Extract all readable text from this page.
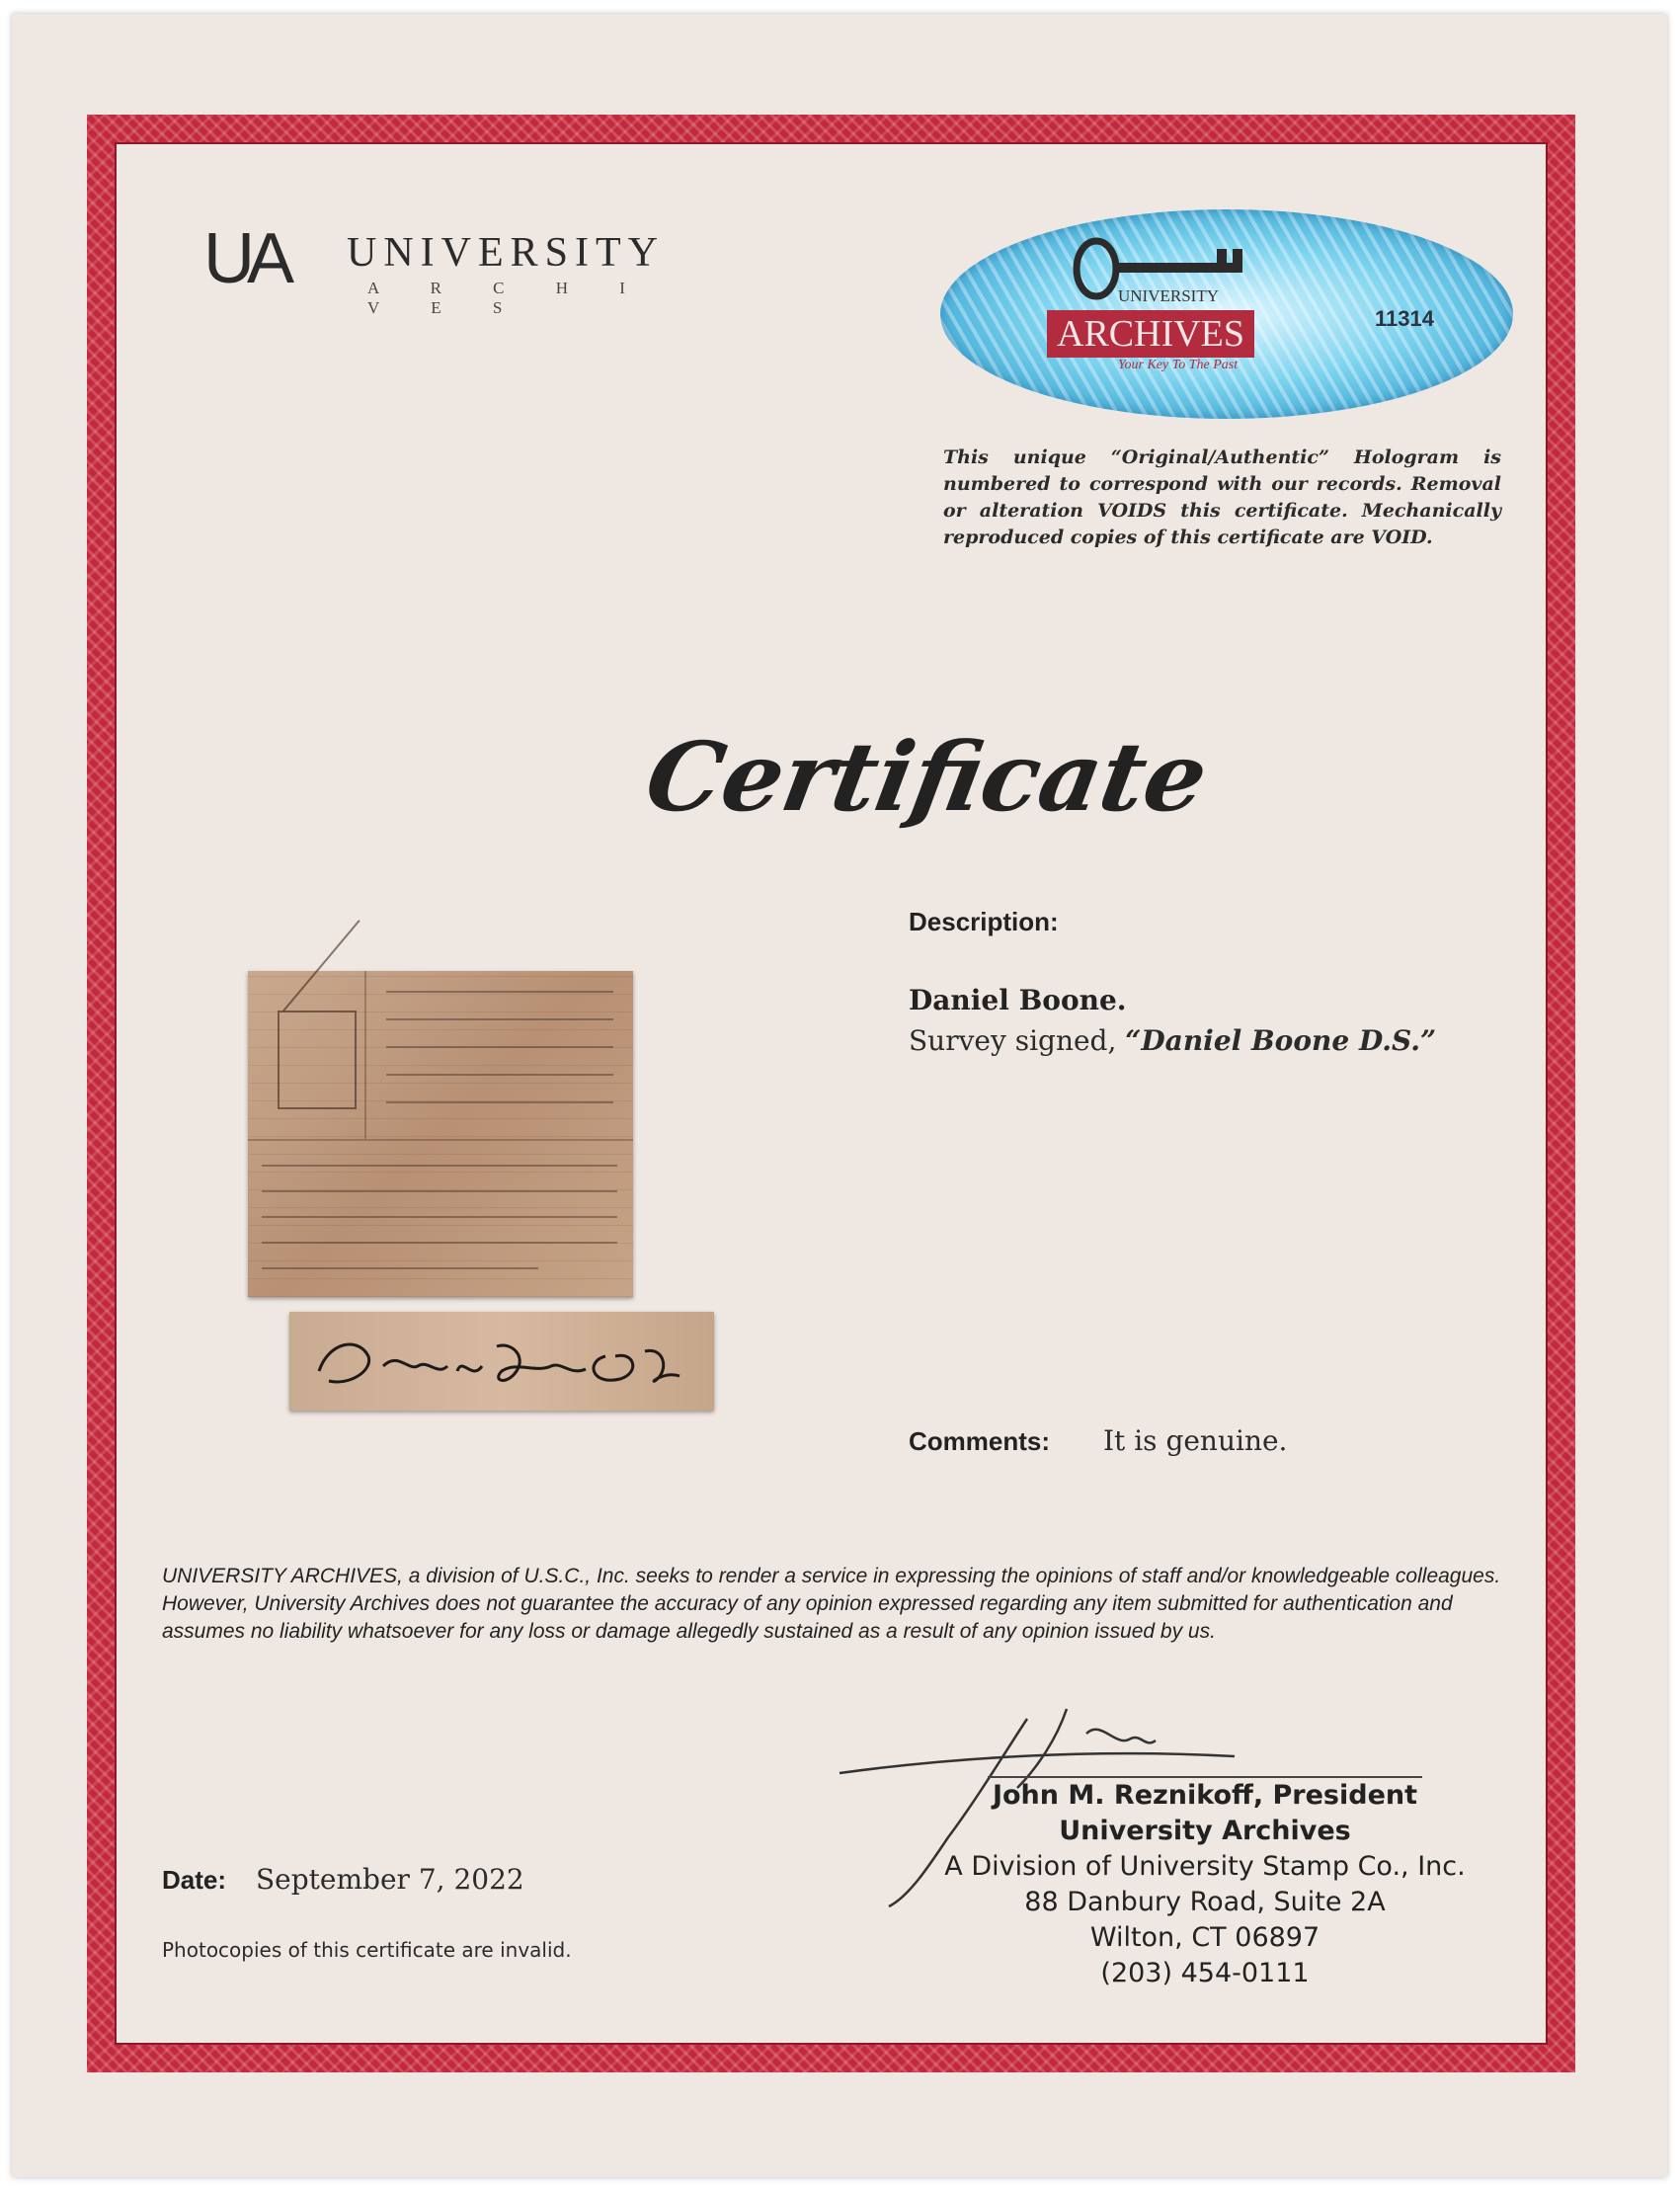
UA UNIVERSITY
A R C H I V E S
UNIVERSITY
ARCHIVES
Your Key To The Past
11314
This unique “Original/Authentic” Hologram is numbered to correspond with our records. Removal or alteration VOIDS this certificate. Mechanically reproduced copies of this certificate are VOID.
Certificate
Description:
Daniel Boone.
Survey signed, “Daniel Boone D.S.”
Comments: It is genuine.
UNIVERSITY ARCHIVES, a division of U.S.C., Inc. seeks to render a service in expressing the opinions of staff and/or knowledgeable colleagues. However, University Archives does not guarantee the accuracy of any opinion expressed regarding any item submitted for authentication and assumes no liability whatsoever for any loss or damage allegedly sustained as a result of any opinion issued by us.
John M. Reznikoff, President
University Archives
A Division of University Stamp Co., Inc.
88 Danbury Road, Suite 2A
Wilton, CT 06897
(203) 454-0111
Date: September 7, 2022
Photocopies of this certificate are invalid.
